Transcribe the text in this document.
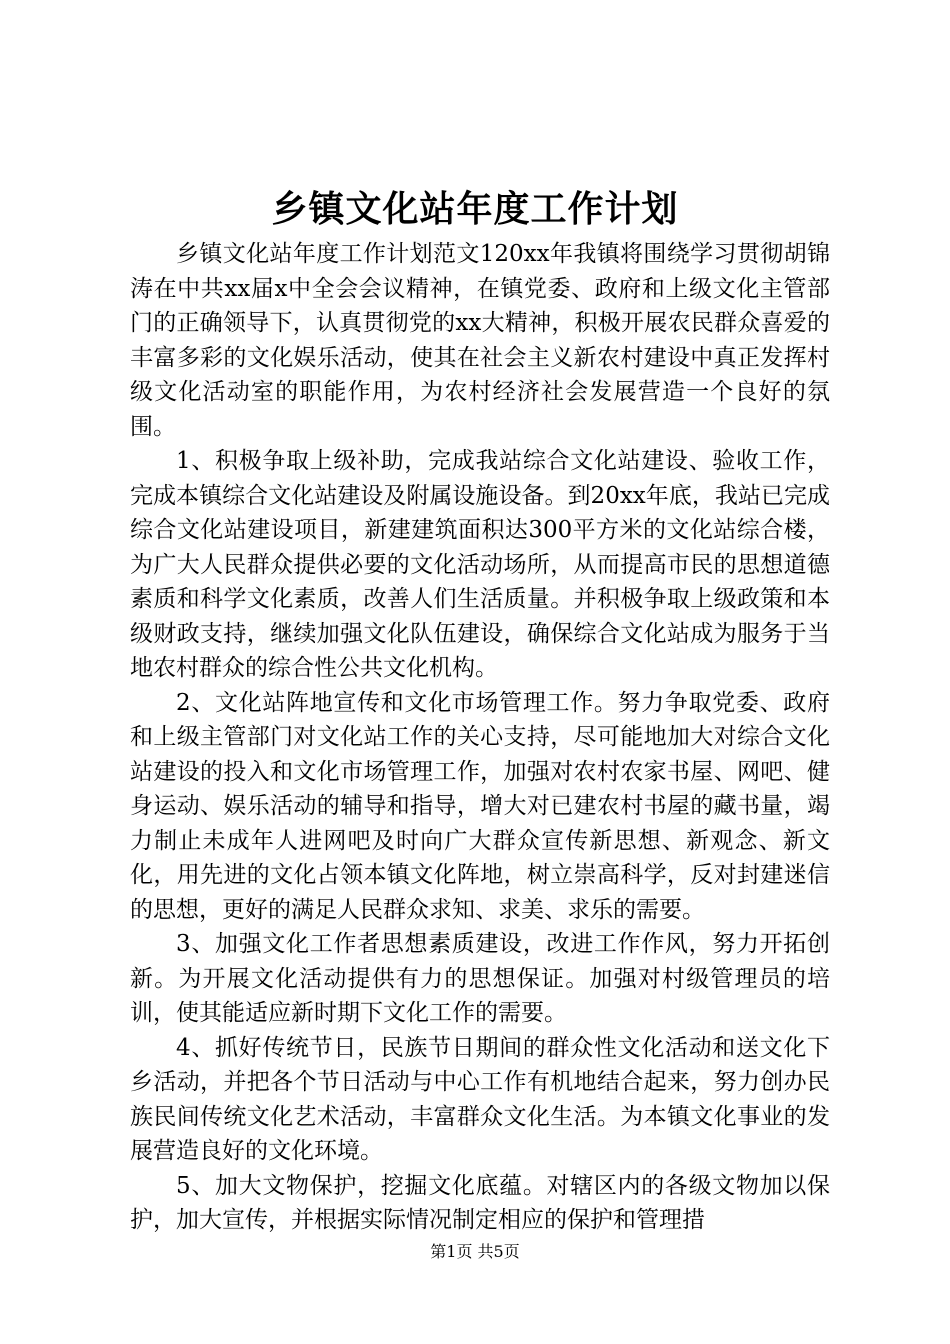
乡镇文化站年度工作计划

乡镇文化站年度工作计划范文120xx年我镇将围绕学习贯彻胡锦涛在中共xx届x中全会会议精神，在镇党委、政府和上级文化主管部门的正确领导下，认真贯彻党的xx大精神，积极开展农民群众喜爱的丰富多彩的文化娱乐活动，使其在社会主义新农村建设中真正发挥村级文化活动室的职能作用，为农村经济社会发展营造一个良好的氛围。

1、积极争取上级补助，完成我站综合文化站建设、验收工作，完成本镇综合文化站建设及附属设施设备。到20xx年底，我站已完成综合文化站建设项目，新建建筑面积达300平方米的文化站综合楼，为广大人民群众提供必要的文化活动场所，从而提高市民的思想道德素质和科学文化素质，改善人们生活质量。并积极争取上级政策和本级财政支持，继续加强文化队伍建设，确保综合文化站成为服务于当地农村群众的综合性公共文化机构。

2、文化站阵地宣传和文化市场管理工作。努力争取党委、政府和上级主管部门对文化站工作的关心支持，尽可能地加大对综合文化站建设的投入和文化市场管理工作，加强对农村农家书屋、网吧、健身运动、娱乐活动的辅导和指导，增大对已建农村书屋的藏书量，竭力制止未成年人进网吧及时向广大群众宣传新思想、新观念、新文化，用先进的文化占领本镇文化阵地，树立崇高科学，反对封建迷信的思想，更好的满足人民群众求知、求美、求乐的需要。

3、加强文化工作者思想素质建设，改进工作作风，努力开拓创新。为开展文化活动提供有力的思想保证。加强对村级管理员的培训，使其能适应新时期下文化工作的需要。

4、抓好传统节日，民族节日期间的群众性文化活动和送文化下乡活动，并把各个节日活动与中心工作有机地结合起来，努力创办民族民间传统文化艺术活动，丰富群众文化生活。为本镇文化事业的发展营造良好的文化环境。

5、加大文物保护，挖掘文化底蕴。对辖区内的各级文物加以保护，加大宣传，并根据实际情况制定相应的保护和管理措

第1页 共5页
